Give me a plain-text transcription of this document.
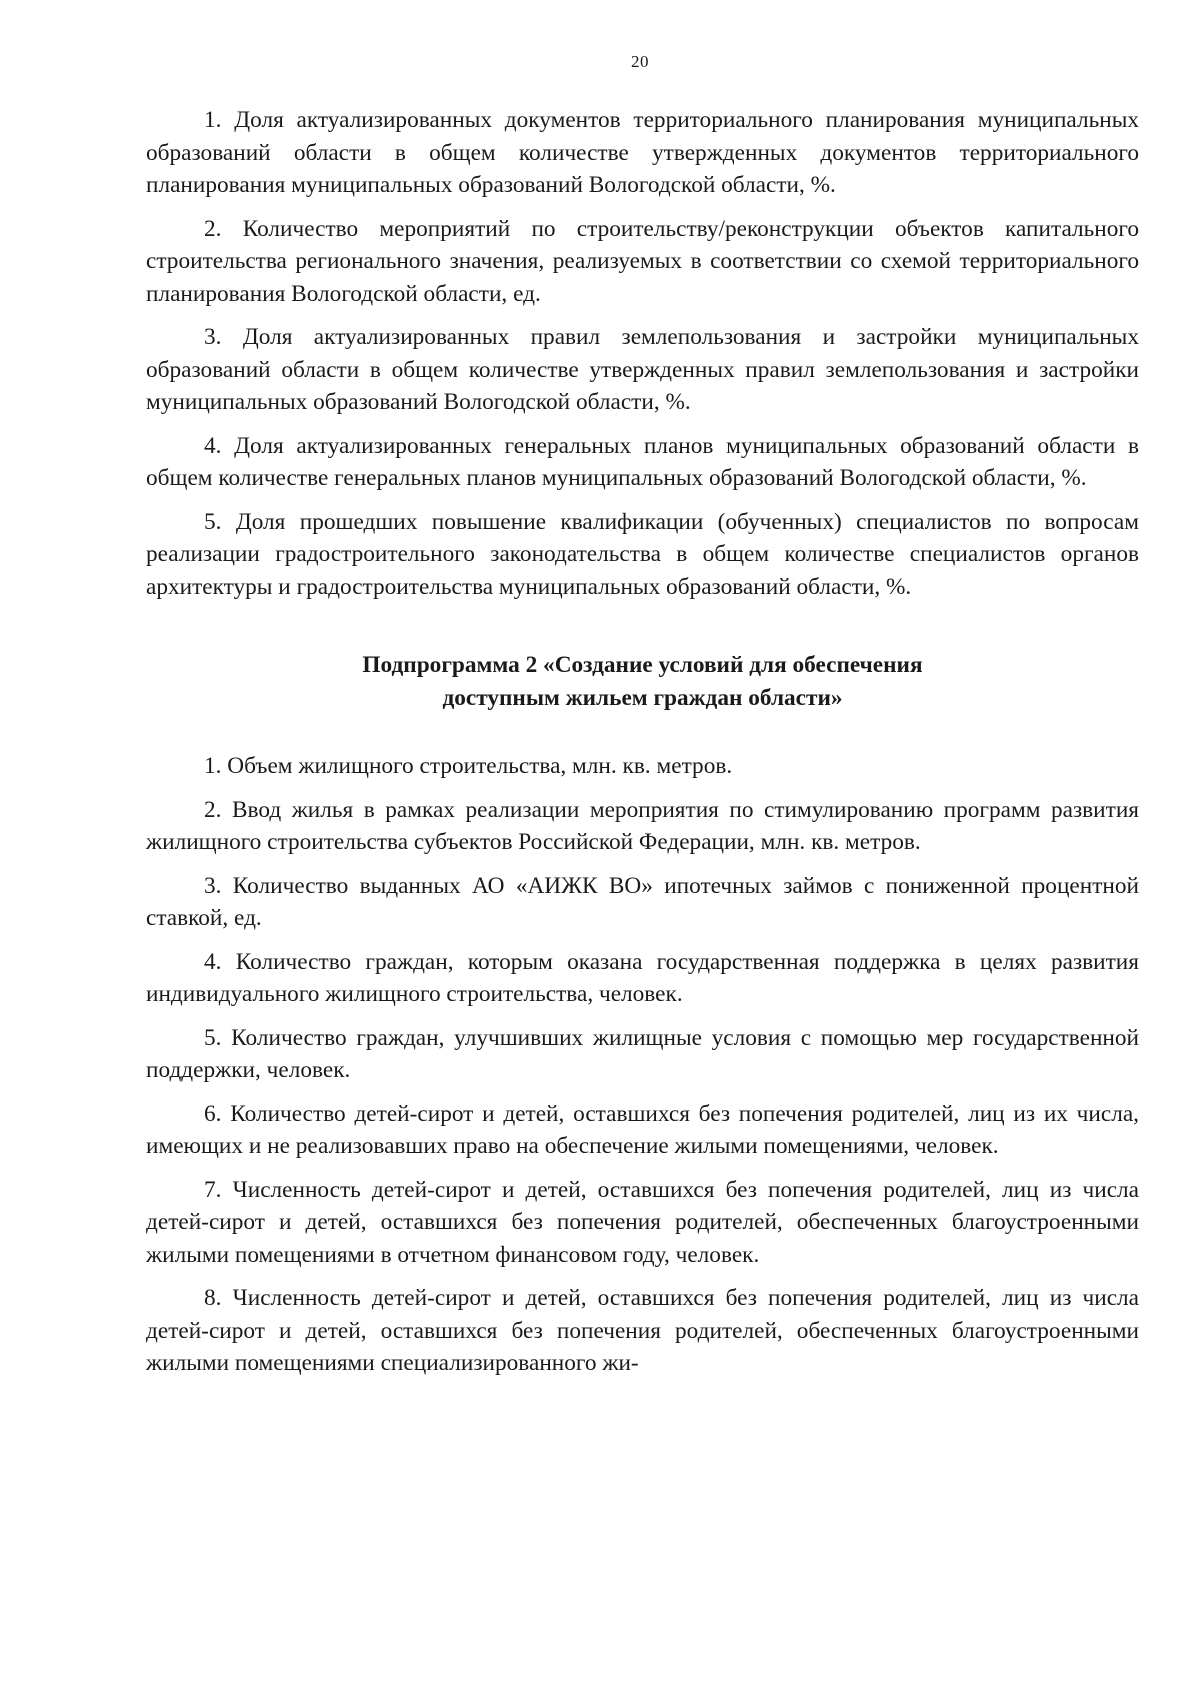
20

1. Доля актуализированных документов территориального планирования муниципальных образований области в общем количестве утвержденных документов территориального планирования муниципальных образований Вологодской области, %.

2. Количество мероприятий по строительству/реконструкции объектов капитального строительства регионального значения, реализуемых в соответствии со схемой территориального планирования Вологодской области, ед.

3. Доля актуализированных правил землепользования и застройки муниципальных образований области в общем количестве утвержденных правил землепользования и застройки муниципальных образований Вологодской области, %.

4. Доля актуализированных генеральных планов муниципальных образований области в общем количестве генеральных планов муниципальных образований Вологодской области, %.

5. Доля прошедших повышение квалификации (обученных) специалистов по вопросам реализации градостроительного законодательства в общем количестве специалистов органов архитектуры и градостроительства муниципальных образований области, %.

Подпрограмма 2 «Создание условий для обеспечения
доступным жильем граждан области»

1. Объем жилищного строительства, млн. кв. метров.

2. Ввод жилья в рамках реализации мероприятия по стимулированию программ развития жилищного строительства субъектов Российской Федерации, млн. кв. метров.

3. Количество выданных АО «АИЖК ВО» ипотечных займов с пониженной процентной ставкой, ед.

4. Количество граждан, которым оказана государственная поддержка в целях развития индивидуального жилищного строительства, человек.

5. Количество граждан, улучшивших жилищные условия с помощью мер государственной поддержки, человек.

6. Количество детей-сирот и детей, оставшихся без попечения родителей, лиц из их числа, имеющих и не реализовавших право на обеспечение жилыми помещениями, человек.

7. Численность детей-сирот и детей, оставшихся без попечения родителей, лиц из числа детей-сирот и детей, оставшихся без попечения родителей, обеспеченных благоустроенными жилыми помещениями в отчетном финансовом году, человек.

8. Численность детей-сирот и детей, оставшихся без попечения родителей, лиц из числа детей-сирот и детей, оставшихся без попечения родителей, обеспеченных благоустроенными жилыми помещениями специализированного жи-
